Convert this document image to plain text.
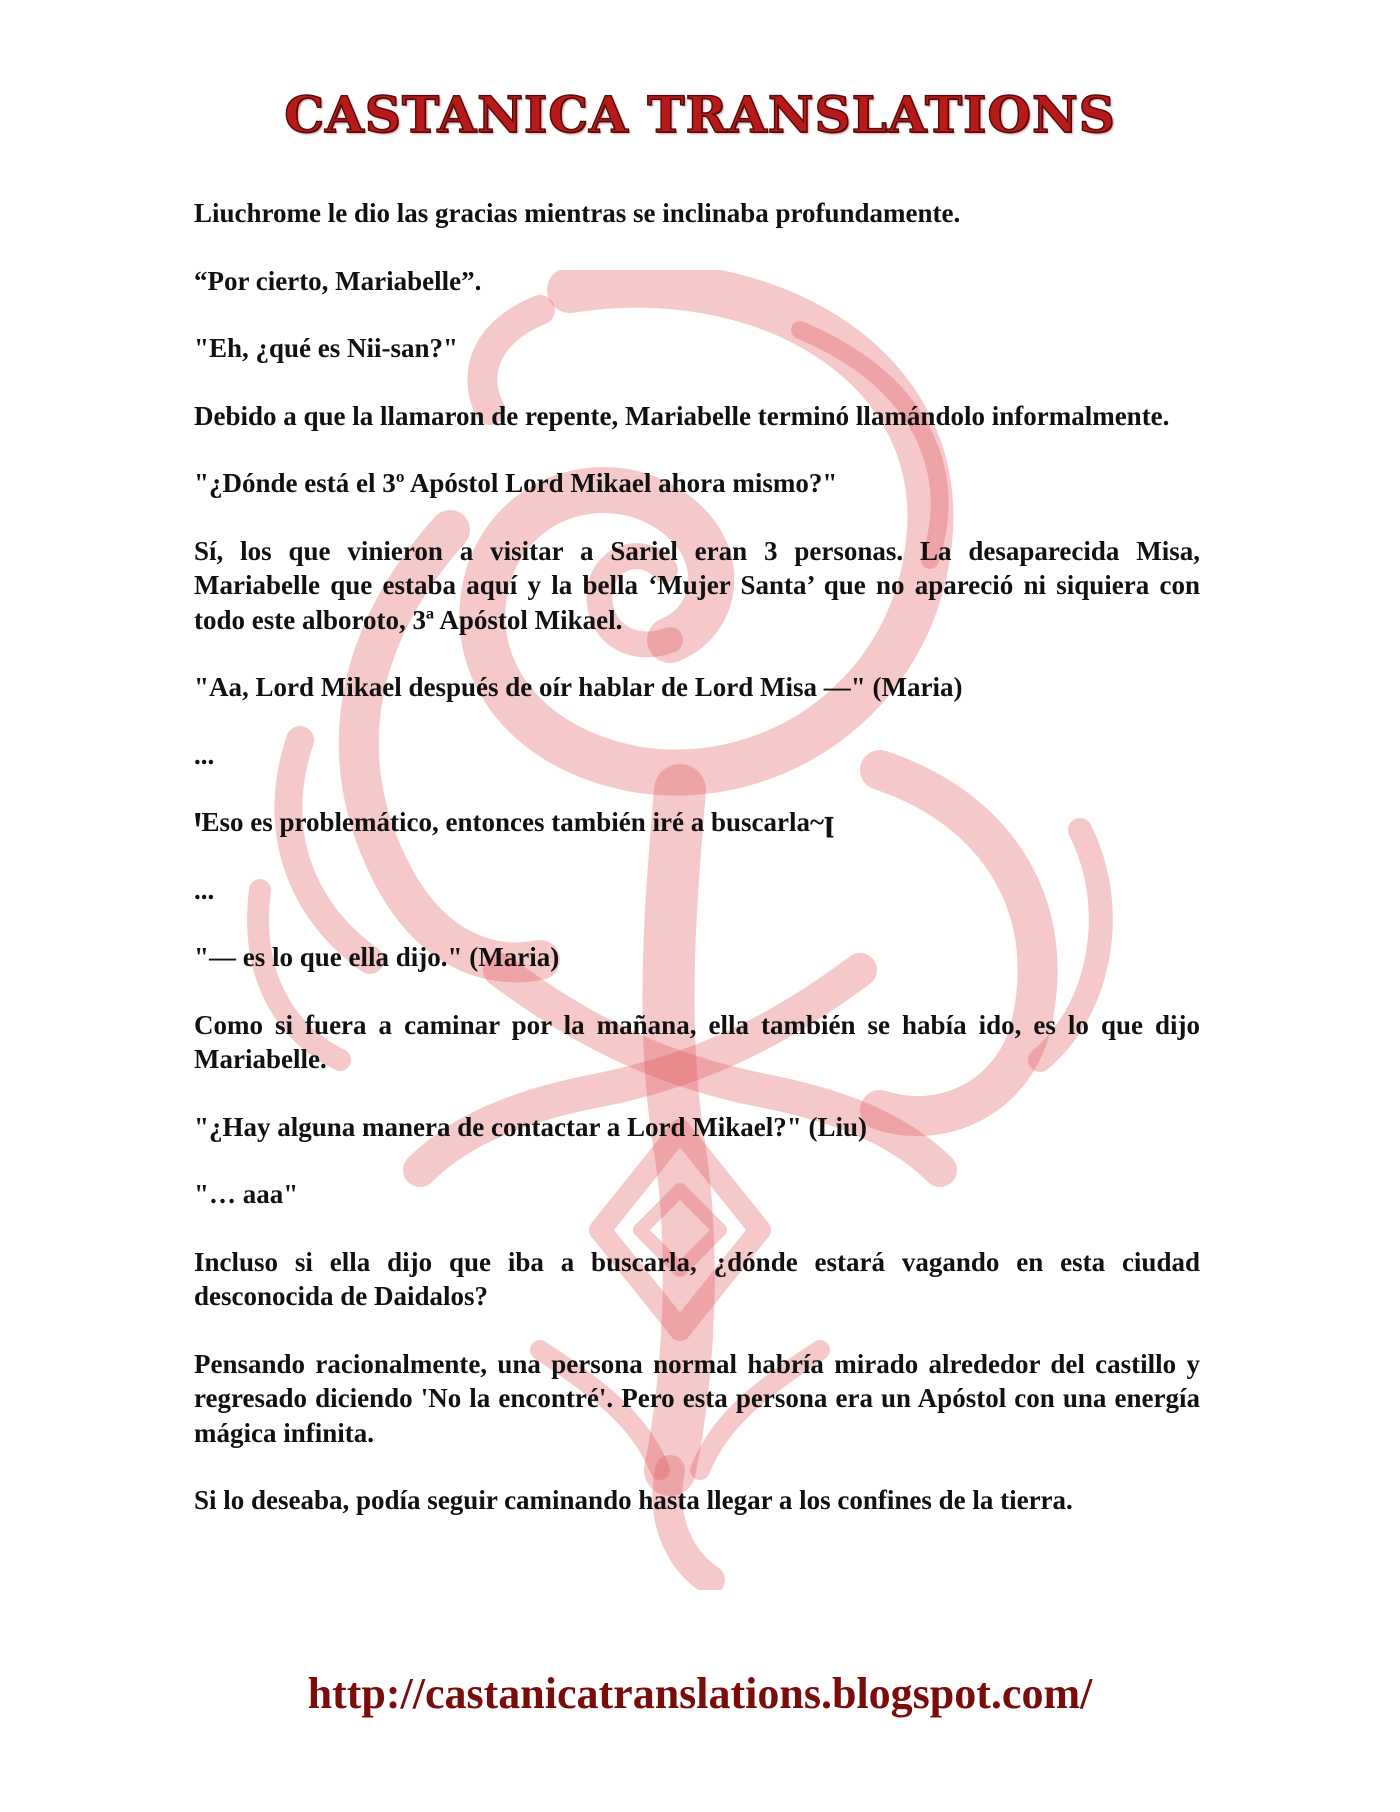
CASTANICA TRANSLATIONS

Liuchrome le dio las gracias mientras se inclinaba profundamente.

“Por cierto, Mariabelle”.

"Eh, ¿qué es Nii-san?"

Debido a que la llamaron de repente, Mariabelle terminó llamándolo informalmente.

"¿Dónde está el 3º Apóstol Lord Mikael ahora mismo?"

Sí, los que vinieron a visitar a Sariel eran 3 personas. La desaparecida Misa, Mariabelle que estaba aquí y la bella ‘Mujer Santa’ que no apareció ni siquiera con todo este alboroto, 3ª Apóstol Mikael.

"Aa, Lord Mikael después de oír hablar de Lord Misa —" (Maria)

...

ꞋEso es problemático, entonces también iré a buscarla~ꞁ

...

"— es lo que ella dijo." (Maria)

Como si fuera a caminar por la mañana, ella también se había ido, es lo que dijo Mariabelle.

"¿Hay alguna manera de contactar a Lord Mikael?" (Liu)

"… aaa"

Incluso si ella dijo que iba a buscarla, ¿dónde estará vagando en esta ciudad desconocida de Daidalos?

Pensando racionalmente, una persona normal habría mirado alrededor del castillo y regresado diciendo 'No la encontré'. Pero esta persona era un Apóstol con una energía mágica infinita.

Si lo deseaba, podía seguir caminando hasta llegar a los confines de la tierra.

http://castanicatranslations.blogspot.com/
